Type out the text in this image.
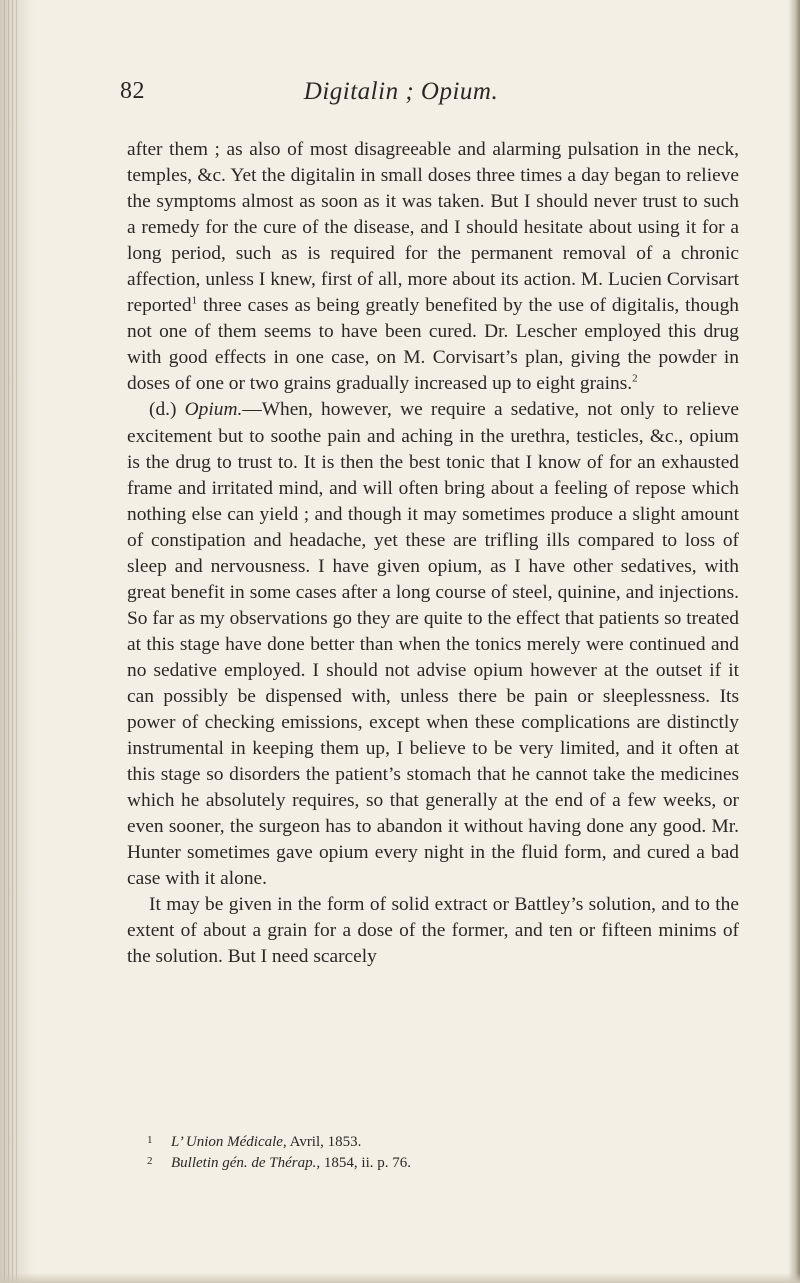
82	Digitalin ; Opium.

after them ; as also of most disagreeable and alarming pulsation in the neck, temples, &c. Yet the digitalin in small doses three times a day began to relieve the symptoms almost as soon as it was taken. But I should never trust to such a remedy for the cure of the disease, and I should hesitate about using it for a long period, such as is required for the permanent removal of a chronic affection, unless I knew, first of all, more about its action. M. Lucien Corvisart reported$^1$ three cases as being greatly benefited by the use of digitalis, though not one of them seems to have been cured. Dr. Lescher employed this drug with good effects in one case, on M. Corvisart’s plan, giving the powder in doses of one or two grains gradually increased up to eight grains.$^2$

(d.) Opium.—When, however, we require a sedative, not only to relieve excitement but to soothe pain and aching in the urethra, testicles, &c., opium is the drug to trust to. It is then the best tonic that I know of for an exhausted frame and irritated mind, and will often bring about a feeling of repose which nothing else can yield ; and though it may sometimes produce a slight amount of constipation and headache, yet these are trifling ills compared to loss of sleep and nervousness. I have given opium, as I have other sedatives, with great benefit in some cases after a long course of steel, quinine, and injections. So far as my observations go they are quite to the effect that patients so treated at this stage have done better than when the tonics merely were continued and no sedative employed. I should not advise opium however at the outset if it can possibly be dispensed with, unless there be pain or sleeplessness. Its power of checking emissions, except when these complications are distinctly instrumental in keeping them up, I believe to be very limited, and it often at this stage so disorders the patient’s stomach that he cannot take the medicines which he absolutely requires, so that generally at the end of a few weeks, or even sooner, the surgeon has to abandon it without having done any good. Mr. Hunter sometimes gave opium every night in the fluid form, and cured a bad case with it alone.

It may be given in the form of solid extract or Battley’s solution, and to the extent of about a grain for a dose of the former, and ten or fifteen minims of the solution. But I need scarcely

1 L’ Union Médicale, Avril, 1853.

2 Bulletin gén. de Thérap., 1854, ii. p. 76.
